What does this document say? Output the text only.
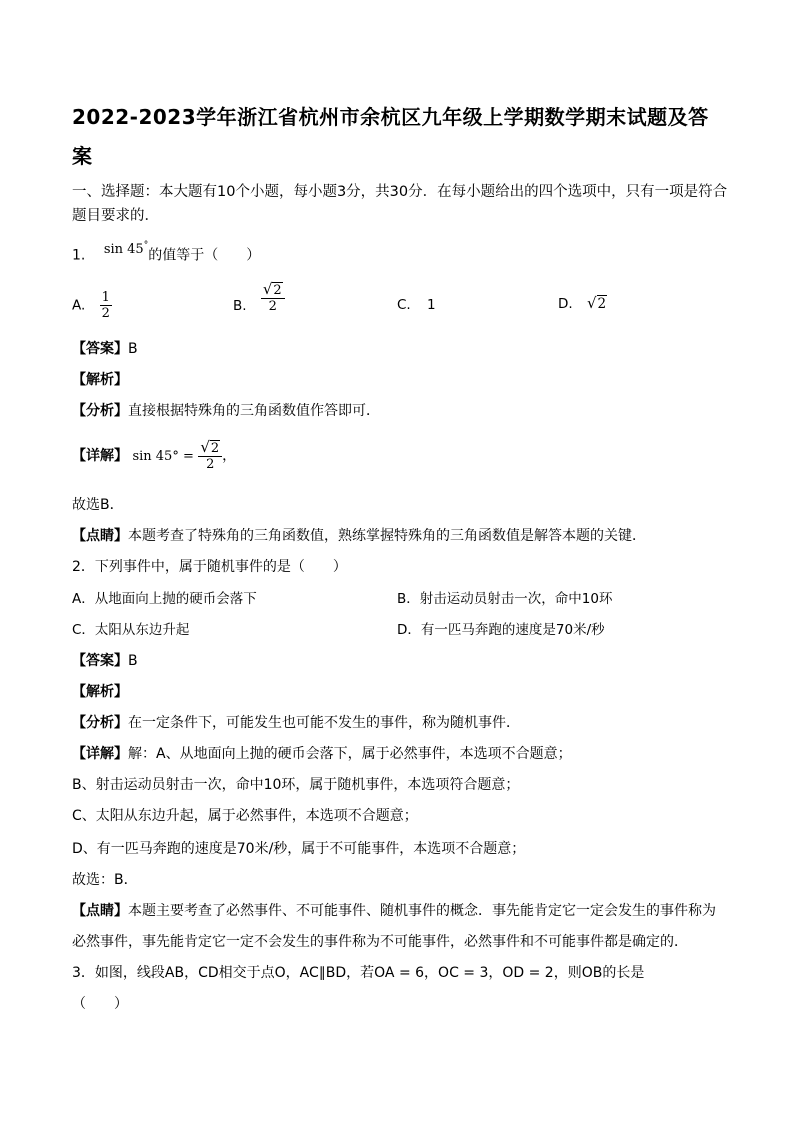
2022-2023学年浙江省杭州市余杭区九年级上学期数学期末试题及答
案
一、选择题：本大题有10个小题，每小题3分，共30分．在每小题给出的四个选项中，只有一项是符合
题目要求的．
1. sin 45°的值等于（　　）
A. $\frac{1}{2}$	B. $\frac{√2}{2}$	C. 1	D. √2
【答案】B
【解析】
【分析】直接根据特殊角的三角函数值作答即可．
【详解】 $\sin 45^\circ = \frac{√2}{2}$ ，
故选B．
【点睛】本题考查了特殊角的三角函数值，熟练掌握特殊角的三角函数值是解答本题的关键．
2．下列事件中，属于随机事件的是（　　）
A．从地面向上抛的硬币会落下	B．射击运动员射击一次，命中10环
C．太阳从东边升起	D．有一匹马奔跑的速度是70米/秒
【答案】B
【解析】
【分析】在一定条件下，可能发生也可能不发生的事件，称为随机事件．
【详解】解：A、从地面向上抛的硬币会落下，属于必然事件，本选项不合题意；
B、射击运动员射击一次，命中10环，属于随机事件，本选项符合题意；
C、太阳从东边升起，属于必然事件，本选项不合题意；
D、有一匹马奔跑的速度是70米/秒，属于不可能事件，本选项不合题意；
故选：B．
【点睛】本题主要考查了必然事件、不可能事件、随机事件的概念．事先能肯定它一定会发生的事件称为
必然事件，事先能肯定它一定不会发生的事件称为不可能事件，必然事件和不可能事件都是确定的．
3．如图，线段AB，CD相交于点O，AC∥BD，若OA = 6，OC = 3，OD = 2，则OB的长是
（　　）
